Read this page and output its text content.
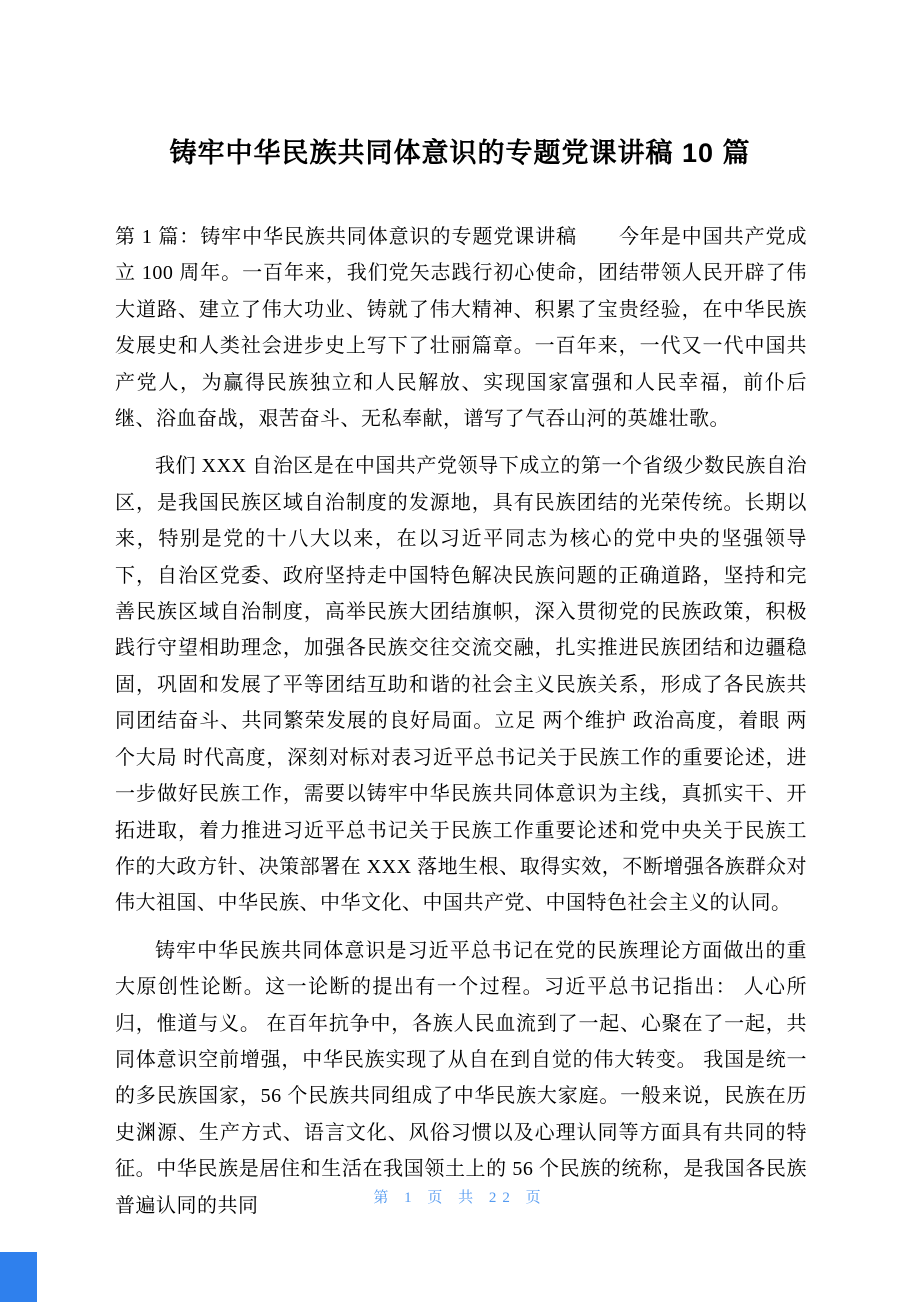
铸牢中华民族共同体意识的专题党课讲稿 10 篇

第 1 篇：铸牢中华民族共同体意识的专题党课讲稿　　今年是中国共产党成立 100 周年。一百年来，我们党矢志践行初心使命，团结带领人民开辟了伟大道路、建立了伟大功业、铸就了伟大精神、积累了宝贵经验，在中华民族发展史和人类社会进步史上写下了壮丽篇章。一百年来，一代又一代中国共产党人，为赢得民族独立和人民解放、实现国家富强和人民幸福，前仆后继、浴血奋战，艰苦奋斗、无私奉献，谱写了气吞山河的英雄壮歌。

我们 XXX 自治区是在中国共产党领导下成立的第一个省级少数民族自治区，是我国民族区域自治制度的发源地，具有民族团结的光荣传统。长期以来，特别是党的十八大以来，在以习近平同志为核心的党中央的坚强领导下，自治区党委、政府坚持走中国特色解决民族问题的正确道路，坚持和完善民族区域自治制度，高举民族大团结旗帜，深入贯彻党的民族政策，积极践行守望相助理念，加强各民族交往交流交融，扎实推进民族团结和边疆稳固，巩固和发展了平等团结互助和谐的社会主义民族关系，形成了各民族共同团结奋斗、共同繁荣发展的良好局面。立足 两个维护 政治高度，着眼 两个大局 时代高度，深刻对标对表习近平总书记关于民族工作的重要论述，进一步做好民族工作，需要以铸牢中华民族共同体意识为主线，真抓实干、开拓进取，着力推进习近平总书记关于民族工作重要论述和党中央关于民族工作的大政方针、决策部署在 XXX 落地生根、取得实效，不断增强各族群众对伟大祖国、中华民族、中华文化、中国共产党、中国特色社会主义的认同。

铸牢中华民族共同体意识是习近平总书记在党的民族理论方面做出的重大原创性论断。这一论断的提出有一个过程。习近平总书记指出： 人心所归，惟道与义。 在百年抗争中，各族人民血流到了一起、心聚在了一起，共同体意识空前增强，中华民族实现了从自在到自觉的伟大转变。 我国是统一的多民族国家，56 个民族共同组成了中华民族大家庭。一般来说，民族在历史渊源、生产方式、语言文化、风俗习惯以及心理认同等方面具有共同的特征。中华民族是居住和生活在我国领土上的 56 个民族的统称，是我国各民族普遍认同的共同	第 1 页 共 22 页
